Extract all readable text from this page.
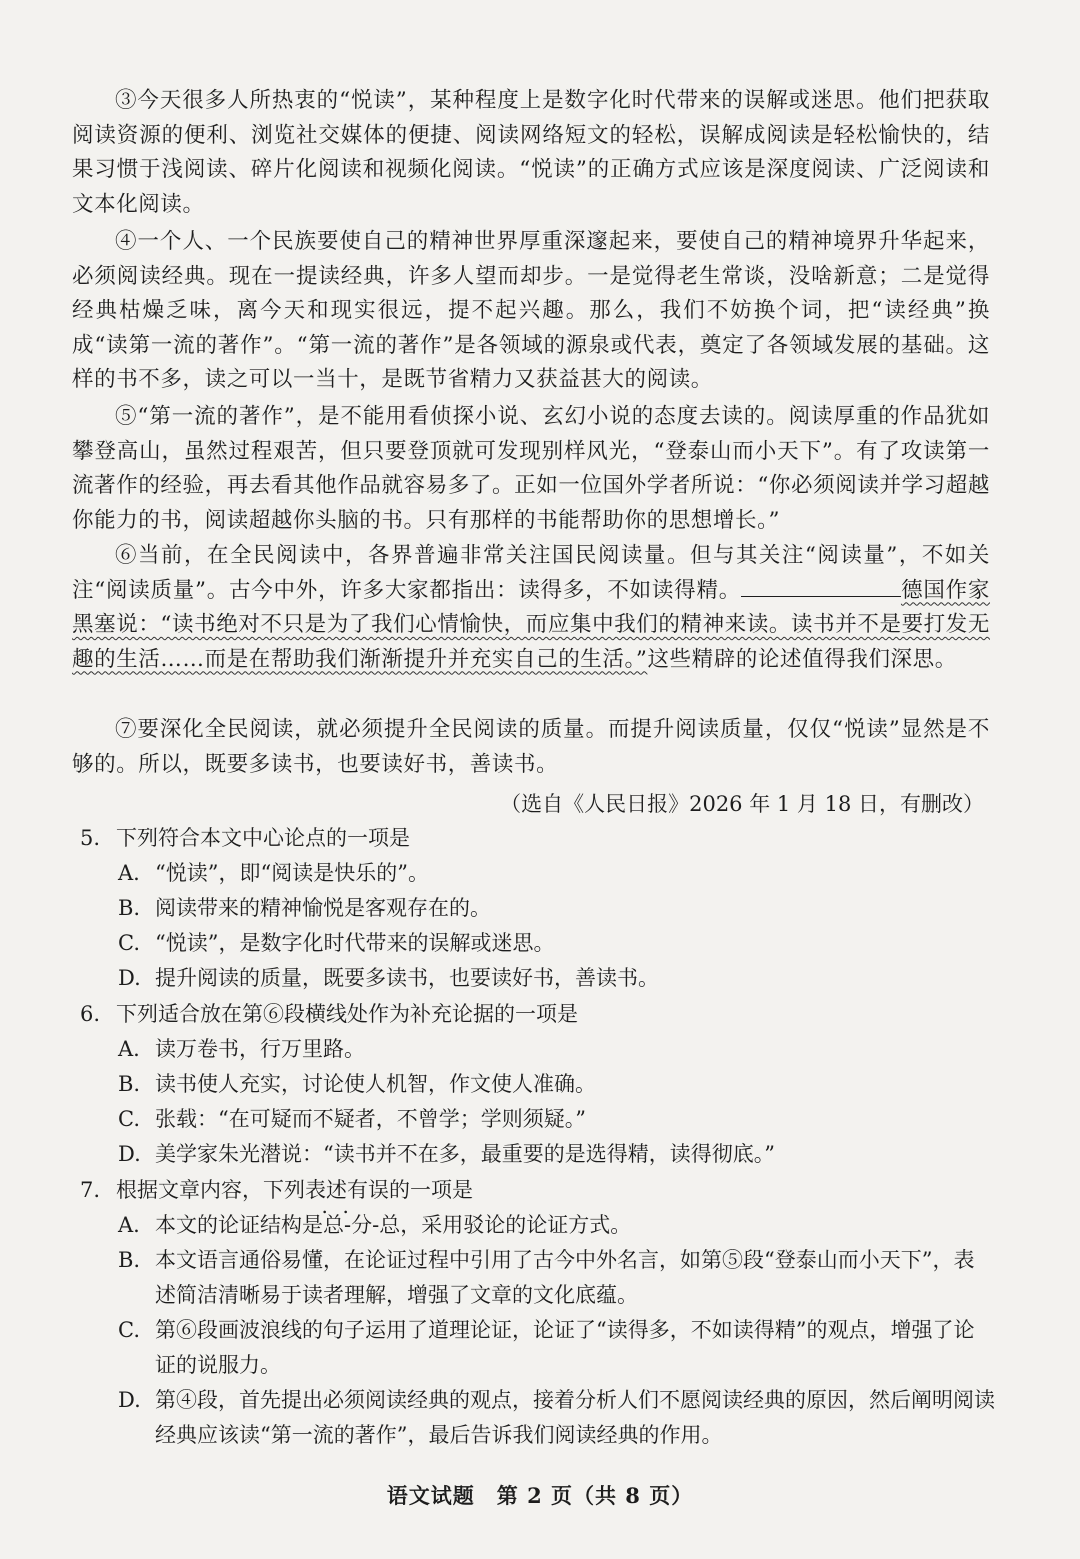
③今天很多人所热衷的“悦读”，某种程度上是数字化时代带来的误解或迷思。他们把获取阅读资源的便利、浏览社交媒体的便捷、阅读网络短文的轻松，误解成阅读是轻松愉快的，结果习惯于浅阅读、碎片化阅读和视频化阅读。“悦读”的正确方式应该是深度阅读、广泛阅读和文本化阅读。

④一个人、一个民族要使自己的精神世界厚重深邃起来，要使自己的精神境界升华起来，必须阅读经典。现在一提读经典，许多人望而却步。一是觉得老生常谈，没啥新意；二是觉得经典枯燥乏味，离今天和现实很远，提不起兴趣。那么，我们不妨换个词，把“读经典”换成“读第一流的著作”。“第一流的著作”是各领域的源泉或代表，奠定了各领域发展的基础。这样的书不多，读之可以一当十，是既节省精力又获益甚大的阅读。

⑤“第一流的著作”，是不能用看侦探小说、玄幻小说的态度去读的。阅读厚重的作品犹如攀登高山，虽然过程艰苦，但只要登顶就可发现别样风光，“登泰山而小天下”。有了攻读第一流著作的经验，再去看其他作品就容易多了。正如一位国外学者所说：“你必须阅读并学习超越你能力的书，阅读超越你头脑的书。只有那样的书能帮助你的思想增长。”

⑥当前，在全民阅读中，各界普遍非常关注国民阅读量。但与其关注“阅读量”，不如关注“阅读质量”。古今中外，许多大家都指出：读得多，不如读得精。	德国作家黑塞说：“读书绝对不只是为了我们心情愉快，而应集中我们的精神来读。读书并不是要打发无趣的生活……而是在帮助我们渐渐提升并充实自己的生活。”这些精辟的论述值得我们深思。

⑦要深化全民阅读，就必须提升全民阅读的质量。而提升阅读质量，仅仅“悦读”显然是不够的。所以，既要多读书，也要读好书，善读书。

（选自《人民日报》2026 年 1 月 18 日，有删改）

5. 下列符合本文中心论点的一项是

A. “悦读”，即“阅读是快乐的”。

B. 阅读带来的精神愉悦是客观存在的。

C. “悦读”，是数字化时代带来的误解或迷思。

D. 提升阅读的质量，既要多读书，也要读好书，善读书。

6. 下列适合放在第⑥段横线处作为补充论据的一项是

A. 读万卷书，行万里路。

B. 读书使人充实，讨论使人机智，作文使人准确。

C. 张载：“在可疑而不疑者，不曾学；学则须疑。”

D. 美学家朱光潜说：“读书并不在多，最重要的是选得精，读得彻底。”

7. 根据文章内容，下列表述有误的一项是

A. 本文的论证结构是总-分-总，采用驳论的论证方式。

B. 本文语言通俗易懂，在论证过程中引用了古今中外名言，如第⑤段“登泰山而小天下”，表述简洁清晰易于读者理解，增强了文章的文化底蕴。

C. 第⑥段画波浪线的句子运用了道理论证，论证了“读得多，不如读得精”的观点，增强了论证的说服力。

D. 第④段，首先提出必须阅读经典的观点，接着分析人们不愿阅读经典的原因，然后阐明阅读经典应该读“第一流的著作”，最后告诉我们阅读经典的作用。

语文试题　第 2 页（共 8 页）
